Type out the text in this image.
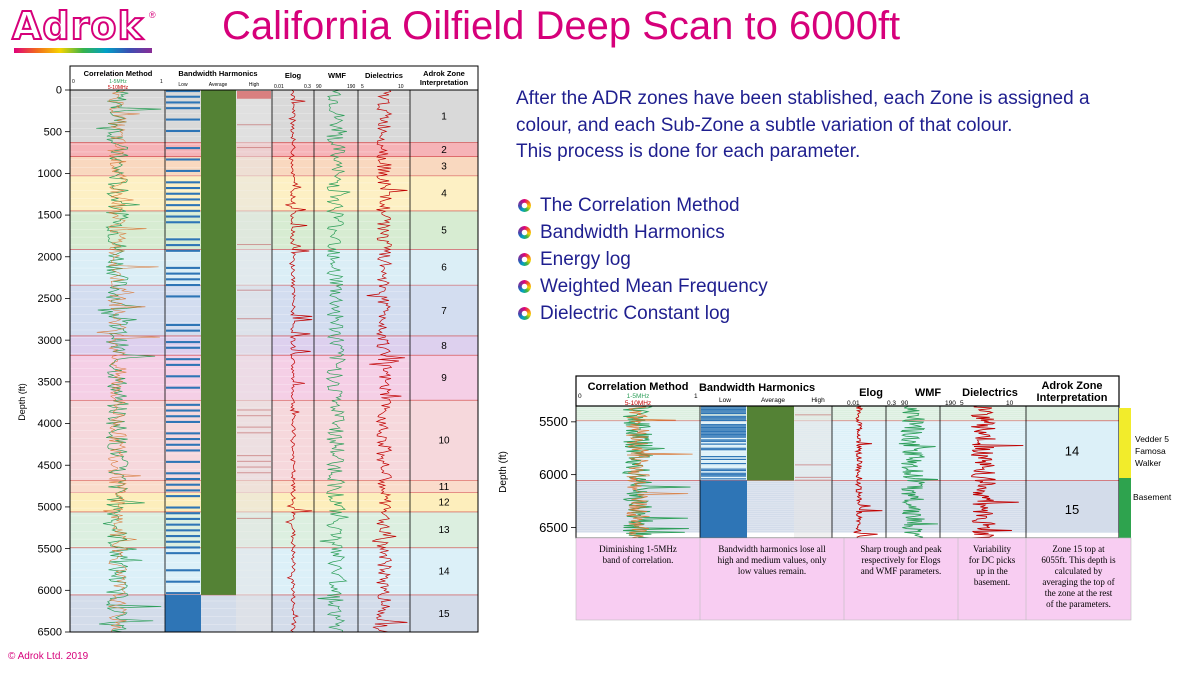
Adrok ® California Oilfield Deep Scan to 6000ft
After the ADR zones have been stablished, each Zone is assigned a
colour, and each Sub-Zone a subtle variation of that colour.
This process is done for each parameter.
The Correlation Method
Bandwidth Harmonics
Energy log
Weighted Mean Frequency
Dielectric Constant log
1
2
3
4
5
6
7
8
9
10
11
12
13
14
15
Correlation Method
1-5MHz
5-10MHz
0	1
Bandwidth Harmonics
Low	Average	High
Elog
0.01	0.3
WMF
90	190
Dielectrics
5	10
Adrok Zone
Interpretation
0
500
1000
1500
2000
2500
3000
3500
4000
4500
5000
5500
6000
6500
Depth (ft)
14
15
Correlation Method
1-5MHz
5-10MHz
0	1
Bandwidth Harmonics
Low	Average	High
Elog
0.01	0.3
WMF
90	190
Dielectrics
5	10
Adrok Zone
Interpretation
5500
6000
6500
Depth (ft)
Vedder 5
Famosa
Walker
Basement
Diminishing 1-5MHz
band of correlation.
Bandwidth harmonics lose all
high and medium values, only
low values remain.
Sharp trough and peak
respectively for Elogs
and WMF parameters.
Variability
for DC picks
up in the
basement.
Zone 15 top at
6055ft. This depth is
calculated by
averaging the top of
the zone at the rest
of the parameters.
© Adrok Ltd. 2019
